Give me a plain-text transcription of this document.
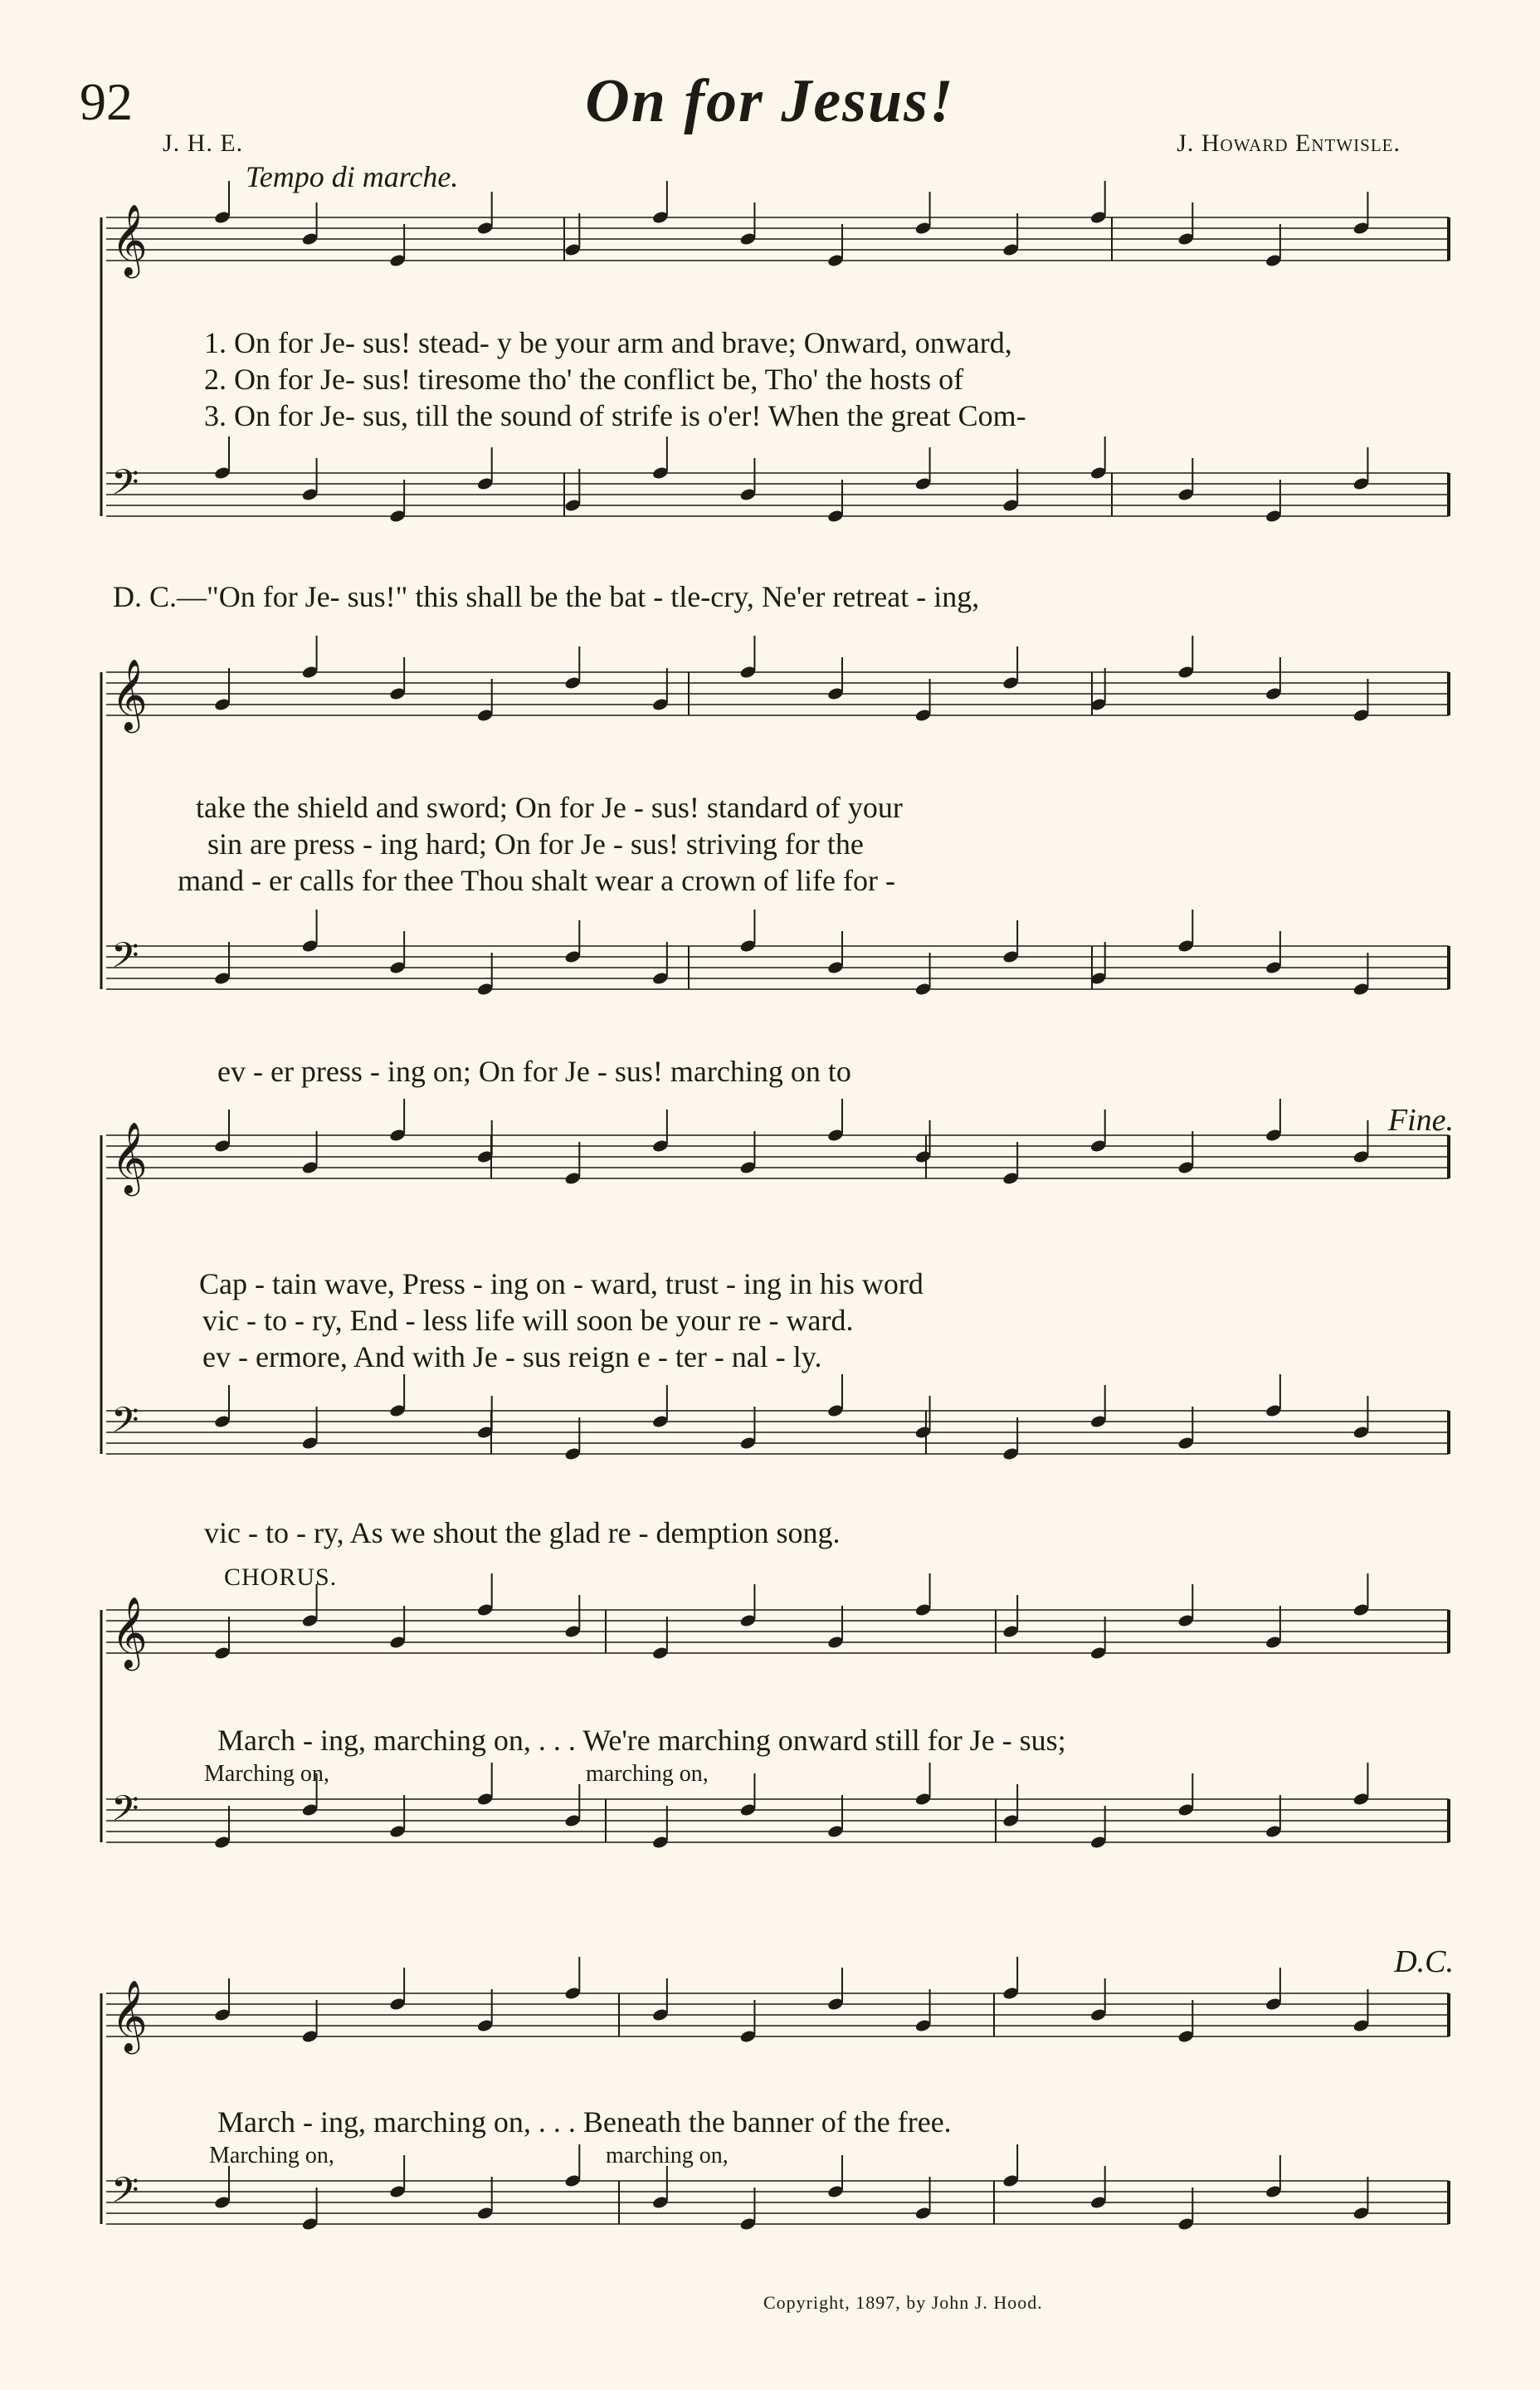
92	On for Jesus!
J. H. E.	J. Howard Entwisle.
Tempo di marche.
𝄞
𝄢
𝄞
𝄢
𝄞
𝄢
𝄞
𝄢
𝄞
𝄢
1. On for Je- sus! stead- y be your arm and brave; Onward, onward,
2. On for Je- sus! tiresome tho' the conflict be, Tho' the hosts of
3. On for Je- sus, till the sound of strife is o'er! When the great Com-
D. C.—"On for Je- sus!" this shall be the bat - tle-cry, Ne'er retreat - ing,
take the shield and sword; On for Je - sus! standard of your
sin are press - ing hard; On for Je - sus! striving for the
mand - er calls for thee Thou shalt wear a crown of life for -
ev - er press - ing on; On for Je - sus! marching on to
Fine.
Cap - tain wave, Press - ing on - ward, trust - ing in his word
vic - to - ry, End - less life will soon be your re - ward.
ev - ermore, And with Je - sus reign e - ter - nal - ly.
vic - to - ry, As we shout the glad re - demption song.
CHORUS.
March - ing, marching on, . . . We're marching onward still for Je - sus;
Marching on,	marching on,
D.C.
March - ing, marching on, . . . Beneath the banner of the free.
Marching on,	marching on,
Copyright, 1897, by John J. Hood.
